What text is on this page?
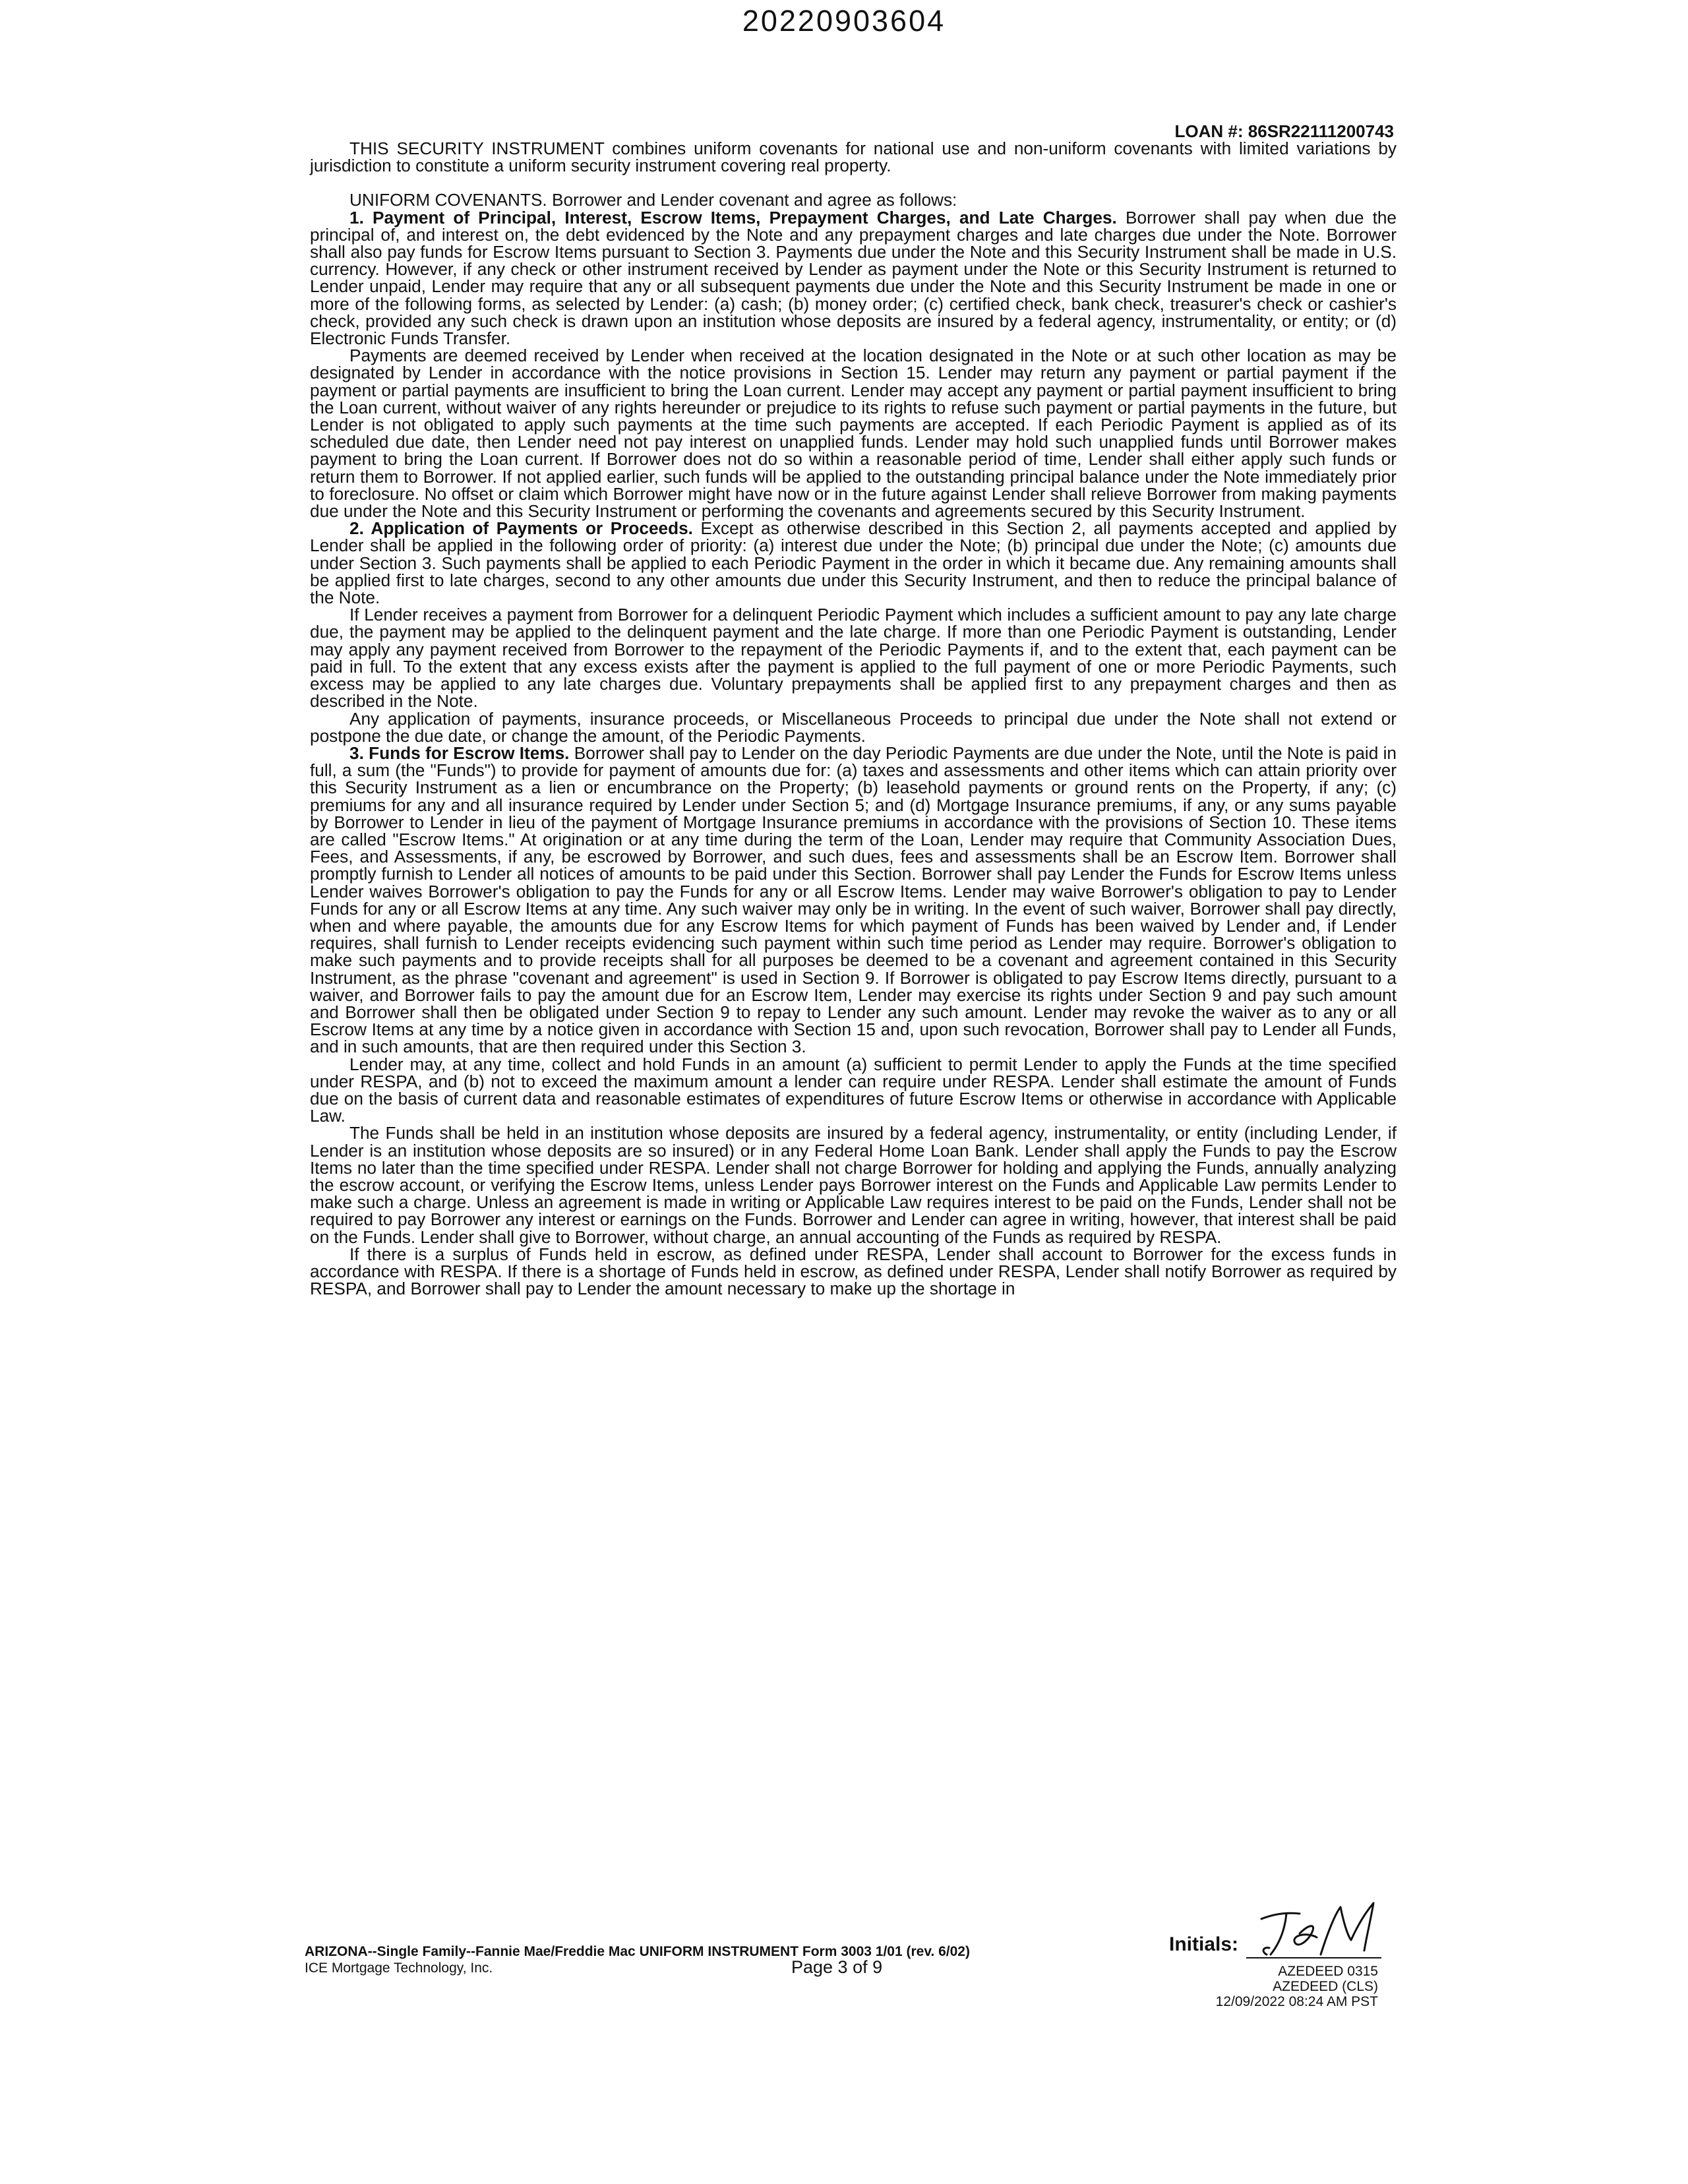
20220903604
LOAN #: 86SR22111200743

THIS SECURITY INSTRUMENT combines uniform covenants for national use and non-uniform covenants with limited variations by jurisdiction to constitute a uniform security instrument covering real property.

UNIFORM COVENANTS. Borrower and Lender covenant and agree as follows:

1. Payment of Principal, Interest, Escrow Items, Prepayment Charges, and Late Charges. Borrower shall pay when due the principal of, and interest on, the debt evidenced by the Note and any prepayment charges and late charges due under the Note. Borrower shall also pay funds for Escrow Items pursuant to Section 3. Payments due under the Note and this Security Instrument shall be made in U.S. currency. However, if any check or other instrument received by Lender as payment under the Note or this Security Instrument is returned to Lender unpaid, Lender may require that any or all subsequent payments due under the Note and this Security Instrument be made in one or more of the following forms, as selected by Lender: (a) cash; (b) money order; (c) certified check, bank check, treasurer's check or cashier's check, provided any such check is drawn upon an institution whose deposits are insured by a federal agency, instrumentality, or entity; or (d) Electronic Funds Transfer.

Payments are deemed received by Lender when received at the location designated in the Note or at such other location as may be designated by Lender in accordance with the notice provisions in Section 15. Lender may return any payment or partial payment if the payment or partial payments are insufficient to bring the Loan current. Lender may accept any payment or partial payment insufficient to bring the Loan current, without waiver of any rights hereunder or prejudice to its rights to refuse such payment or partial payments in the future, but Lender is not obligated to apply such payments at the time such payments are accepted. If each Periodic Payment is applied as of its scheduled due date, then Lender need not pay interest on unapplied funds. Lender may hold such unapplied funds until Borrower makes payment to bring the Loan current. If Borrower does not do so within a reasonable period of time, Lender shall either apply such funds or return them to Borrower. If not applied earlier, such funds will be applied to the outstanding principal balance under the Note immediately prior to foreclosure. No offset or claim which Borrower might have now or in the future against Lender shall relieve Borrower from making payments due under the Note and this Security Instrument or performing the covenants and agreements secured by this Security Instrument.

2. Application of Payments or Proceeds. Except as otherwise described in this Section 2, all payments accepted and applied by Lender shall be applied in the following order of priority: (a) interest due under the Note; (b) principal due under the Note; (c) amounts due under Section 3. Such payments shall be applied to each Periodic Payment in the order in which it became due. Any remaining amounts shall be applied first to late charges, second to any other amounts due under this Security Instrument, and then to reduce the principal balance of the Note.

If Lender receives a payment from Borrower for a delinquent Periodic Payment which includes a sufficient amount to pay any late charge due, the payment may be applied to the delinquent payment and the late charge. If more than one Periodic Payment is outstanding, Lender may apply any payment received from Borrower to the repayment of the Periodic Payments if, and to the extent that, each payment can be paid in full. To the extent that any excess exists after the payment is applied to the full payment of one or more Periodic Payments, such excess may be applied to any late charges due. Voluntary prepayments shall be applied first to any prepayment charges and then as described in the Note.

Any application of payments, insurance proceeds, or Miscellaneous Proceeds to principal due under the Note shall not extend or postpone the due date, or change the amount, of the Periodic Payments.

3. Funds for Escrow Items. Borrower shall pay to Lender on the day Periodic Payments are due under the Note, until the Note is paid in full, a sum (the "Funds") to provide for payment of amounts due for: (a) taxes and assessments and other items which can attain priority over this Security Instrument as a lien or encumbrance on the Property; (b) leasehold payments or ground rents on the Property, if any; (c) premiums for any and all insurance required by Lender under Section 5; and (d) Mortgage Insurance premiums, if any, or any sums payable by Borrower to Lender in lieu of the payment of Mortgage Insurance premiums in accordance with the provisions of Section 10. These items are called "Escrow Items." At origination or at any time during the term of the Loan, Lender may require that Community Association Dues, Fees, and Assessments, if any, be escrowed by Borrower, and such dues, fees and assessments shall be an Escrow Item. Borrower shall promptly furnish to Lender all notices of amounts to be paid under this Section. Borrower shall pay Lender the Funds for Escrow Items unless Lender waives Borrower's obligation to pay the Funds for any or all Escrow Items. Lender may waive Borrower's obligation to pay to Lender Funds for any or all Escrow Items at any time. Any such waiver may only be in writing. In the event of such waiver, Borrower shall pay directly, when and where payable, the amounts due for any Escrow Items for which payment of Funds has been waived by Lender and, if Lender requires, shall furnish to Lender receipts evidencing such payment within such time period as Lender may require. Borrower's obligation to make such payments and to provide receipts shall for all purposes be deemed to be a covenant and agreement contained in this Security Instrument, as the phrase "covenant and agreement" is used in Section 9. If Borrower is obligated to pay Escrow Items directly, pursuant to a waiver, and Borrower fails to pay the amount due for an Escrow Item, Lender may exercise its rights under Section 9 and pay such amount and Borrower shall then be obligated under Section 9 to repay to Lender any such amount. Lender may revoke the waiver as to any or all Escrow Items at any time by a notice given in accordance with Section 15 and, upon such revocation, Borrower shall pay to Lender all Funds, and in such amounts, that are then required under this Section 3.

Lender may, at any time, collect and hold Funds in an amount (a) sufficient to permit Lender to apply the Funds at the time specified under RESPA, and (b) not to exceed the maximum amount a lender can require under RESPA. Lender shall estimate the amount of Funds due on the basis of current data and reasonable estimates of expenditures of future Escrow Items or otherwise in accordance with Applicable Law.

The Funds shall be held in an institution whose deposits are insured by a federal agency, instrumentality, or entity (including Lender, if Lender is an institution whose deposits are so insured) or in any Federal Home Loan Bank. Lender shall apply the Funds to pay the Escrow Items no later than the time specified under RESPA. Lender shall not charge Borrower for holding and applying the Funds, annually analyzing the escrow account, or verifying the Escrow Items, unless Lender pays Borrower interest on the Funds and Applicable Law permits Lender to make such a charge. Unless an agreement is made in writing or Applicable Law requires interest to be paid on the Funds, Lender shall not be required to pay Borrower any interest or earnings on the Funds. Borrower and Lender can agree in writing, however, that interest shall be paid on the Funds. Lender shall give to Borrower, without charge, an annual accounting of the Funds as required by RESPA.

If there is a surplus of Funds held in escrow, as defined under RESPA, Lender shall account to Borrower for the excess funds in accordance with RESPA. If there is a shortage of Funds held in escrow, as defined under RESPA, Lender shall notify Borrower as required by RESPA, and Borrower shall pay to Lender the amount necessary to make up the shortage in

ARIZONA--Single Family--Fannie Mae/Freddie Mac UNIFORM INSTRUMENT Form 3003 1/01 (rev. 6/02)
ICE Mortgage Technology, Inc.	Page 3 of 9
Initials:
AZEDEED 0315
AZEDEED (CLS)
12/09/2022 08:24 AM PST
